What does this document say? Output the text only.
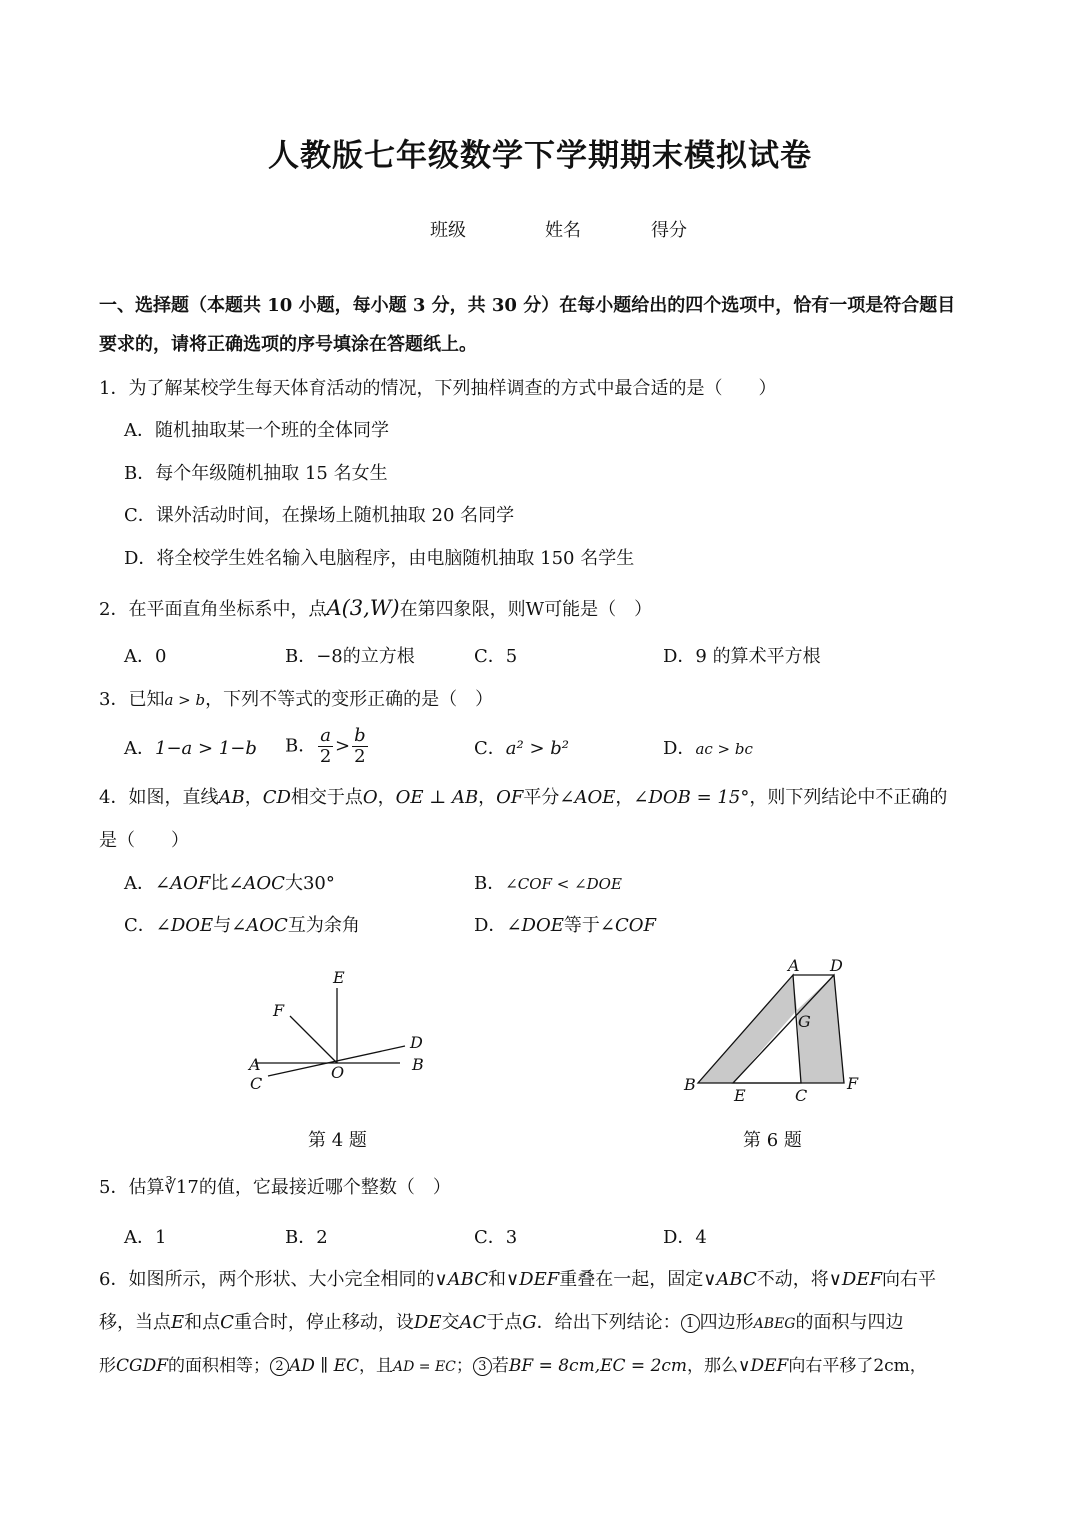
人教版七年级数学下学期期末模拟试卷
班级	姓名	得分
一、选择题（本题共 10 小题，每小题 3 分，共 30 分）在每小题给出的四个选项中，恰有一项是符合题目
要求的，请将正确选项的序号填涂在答题纸上。
1．为了解某校学生每天体育活动的情况，下列抽样调查的方式中最合适的是（　　）
A．随机抽取某一个班的全体同学
B．每个年级随机抽取 15 名女生
C．课外活动时间，在操场上随机抽取 20 名同学
D．将全校学生姓名输入电脑程序，由电脑随机抽取 150 名学生
2．在平面直角坐标系中，点A(3,W)在第四象限，则W可能是（　）
A．0	B．−8的立方根	C．5	D．9 的算术平方根
3．已知a > b，下列不等式的变形正确的是（　）
A．1−a > 1−b B． $\frac{a}{2} > \frac{b}{2}$	C．a² > b²	D．ac > bc
4．如图，直线AB，CD相交于点O，OE ⊥ AB，OF平分∠AOE，∠DOB = 15°，则下列结论中不正确的
是（　　）
A．∠AOF比∠AOC大30°	B．∠COF < ∠DOE
C．∠DOE与∠AOC互为余角	D．∠DOE等于∠COF
E
F
D
A	B
C
O
第 4 题
A D
G
B
E	C
F
第 6 题
5．估算∛17的值，它最接近哪个整数（　）
A．1	B．2	C．3	D．4
6．如图所示，两个形状、大小完全相同的∨ABC和∨DEF重叠在一起，固定∨ABC不动，将∨DEF向右平
移，当点E和点C重合时，停止移动，设DE交AC于点G．给出下列结论： 1 四边形ABEG的面积与四边
形CGDF的面积相等； 2 AD ∥ EC，且AD = EC； 3 若BF = 8cm,EC = 2cm，那么∨DEF向右平移了2cm，
